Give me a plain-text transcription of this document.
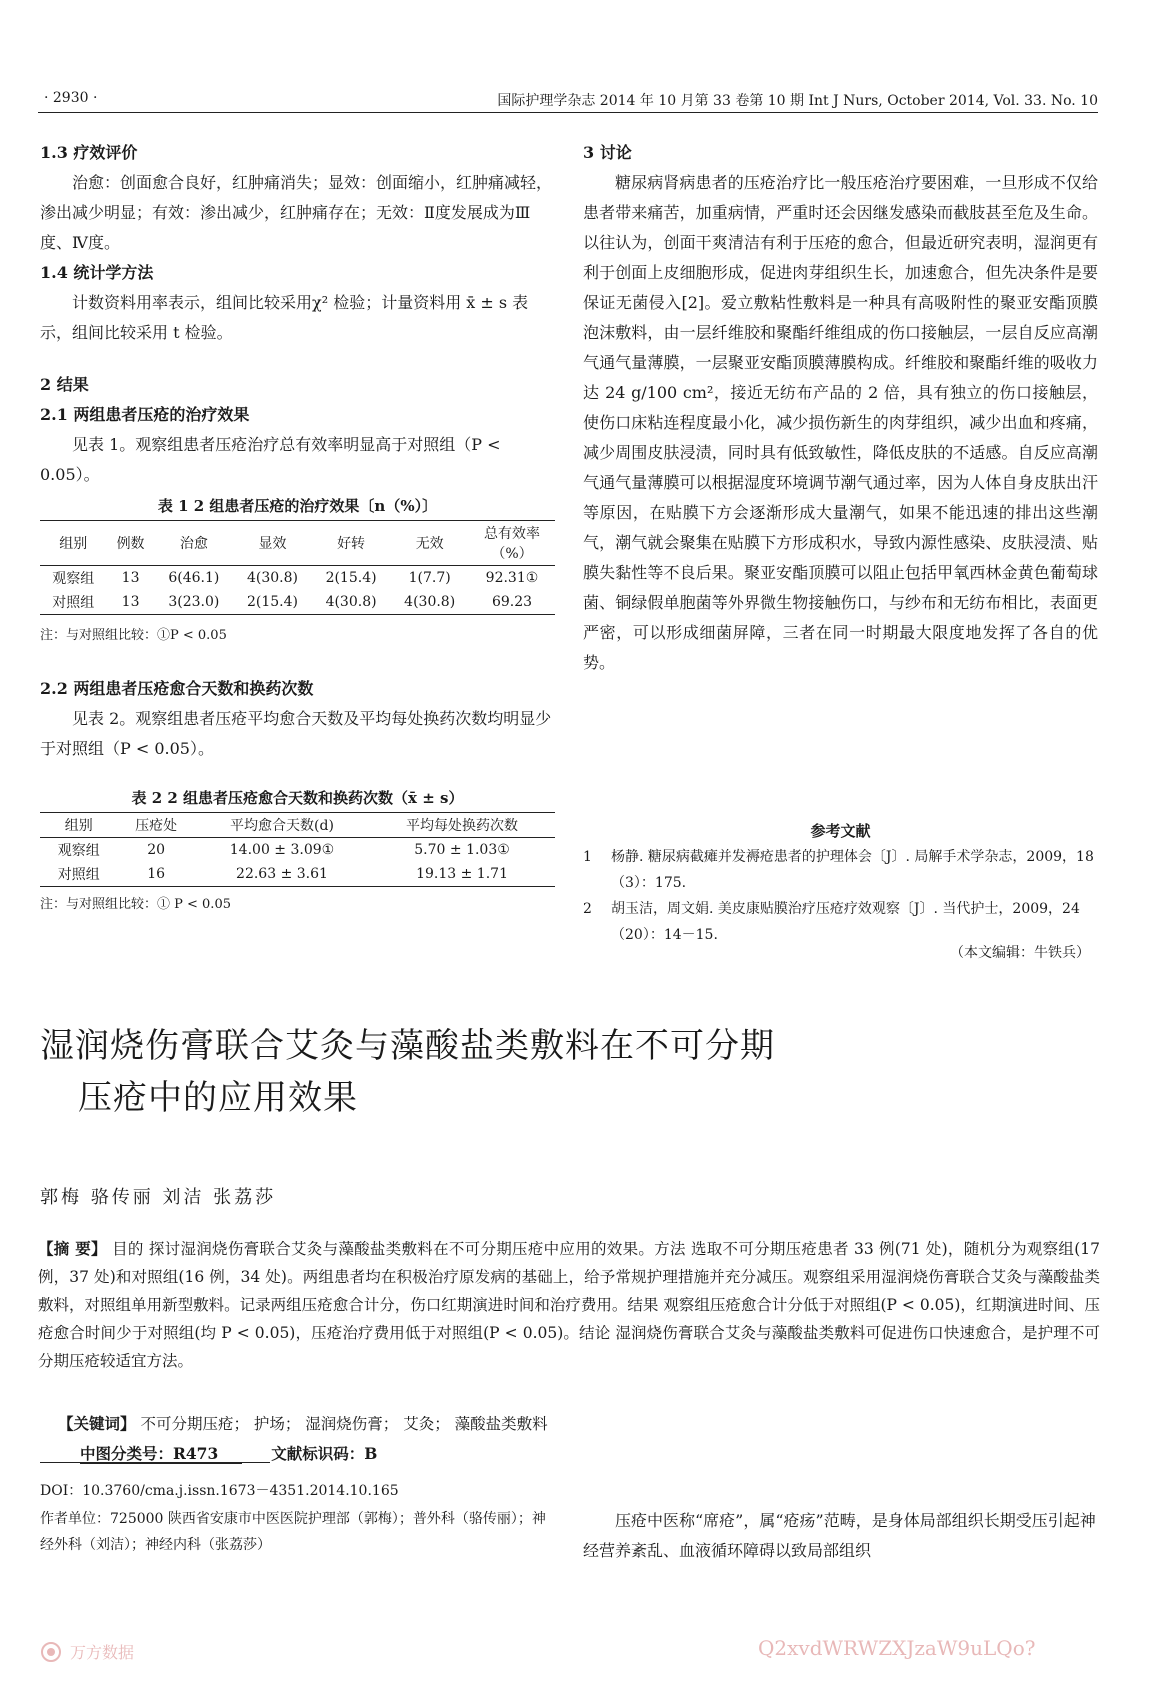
· 2930 ·	国际护理学杂志 2014 年 10 月第 33 卷第 10 期 Int J Nurs, October 2014, Vol. 33. No. 10

1.3 疗效评价

治愈：创面愈合良好，红肿痛消失；显效：创面缩小，红肿痛减轻，渗出减少明显；有效：渗出减少，红肿痛存在；无效：Ⅱ度发展成为Ⅲ度、Ⅳ度。

1.4 统计学方法

计数资料用率表示，组间比较采用χ² 检验；计量资料用 x̄ ± s 表示，组间比较采用 t 检验。

2 结果

2.1 两组患者压疮的治疗效果

见表 1。观察组患者压疮治疗总有效率明显高于对照组（P < 0.05）。

表 1 2 组患者压疮的治疗效果〔n（%）〕
组别	例数	治愈	显效	好转	无效	总有效率（%）
观察组	13	6(46.1)	4(30.8)	2(15.4)	1(7.7)	92.31①
对照组	13	3(23.0)	2(15.4)	4(30.8)	4(30.8)	69.23
注：与对照组比较：①P < 0.05

2.2 两组患者压疮愈合天数和换药次数

见表 2。观察组患者压疮平均愈合天数及平均每处换药次数均明显少于对照组（P < 0.05）。

表 2 2 组患者压疮愈合天数和换药次数（x̄ ± s）
组别	压疮处	平均愈合天数(d)	平均每处换药次数
观察组	20	14.00 ± 3.09①	5.70 ± 1.03①
对照组	16	22.63 ± 3.61	19.13 ± 1.71
注：与对照组比较：① P < 0.05

3 讨论

糖尿病肾病患者的压疮治疗比一般压疮治疗要困难，一旦形成不仅给患者带来痛苦，加重病情，严重时还会因继发感染而截肢甚至危及生命。以往认为，创面干爽清洁有利于压疮的愈合，但最近研究表明，湿润更有利于创面上皮细胞形成，促进肉芽组织生长，加速愈合，但先决条件是要保证无菌侵入[2]。爱立敷粘性敷料是一种具有高吸附性的聚亚安酯顶膜泡沫敷料，由一层纤维胶和聚酯纤维组成的伤口接触层，一层自反应高潮气通气量薄膜，一层聚亚安酯顶膜薄膜构成。纤维胶和聚酯纤维的吸收力达 24 g/100 cm²，接近无纺布产品的 2 倍，具有独立的伤口接触层，使伤口床粘连程度最小化，减少损伤新生的肉芽组织，减少出血和疼痛，减少周围皮肤浸渍，同时具有低致敏性，降低皮肤的不适感。自反应高潮气通气量薄膜可以根据湿度环境调节潮气通过率，因为人体自身皮肤出汗等原因，在贴膜下方会逐渐形成大量潮气，如果不能迅速的排出这些潮气，潮气就会聚集在贴膜下方形成积水，导致内源性感染、皮肤浸渍、贴膜失黏性等不良后果。聚亚安酯顶膜可以阻止包括甲氧西林金黄色葡萄球菌、铜绿假单胞菌等外界微生物接触伤口，与纱布和无纺布相比，表面更严密，可以形成细菌屏障，三者在同一时期最大限度地发挥了各自的优势。

参考文献
1	杨静. 糖尿病截瘫并发褥疮患者的护理体会〔J〕. 局解手术学杂志，2009，18（3）：175.
2	胡玉洁，周文娟. 美皮康贴膜治疗压疮疗效观察〔J〕. 当代护士，2009，24（20）：14－15.
（本文编辑：牛铁兵）
湿润烧伤膏联合艾灸与藻酸盐类敷料在不可分期
压疮中的应用效果
郭梅 骆传丽 刘洁 张荔莎
【摘 要】 目的 探讨湿润烧伤膏联合艾灸与藻酸盐类敷料在不可分期压疮中应用的效果。方法 选取不可分期压疮患者 33 例(71 处)，随机分为观察组(17 例，37 处)和对照组(16 例，34 处)。两组患者均在积极治疗原发病的基础上，给予常规护理措施并充分减压。观察组采用湿润烧伤膏联合艾灸与藻酸盐类敷料，对照组单用新型敷料。记录两组压疮愈合计分，伤口红期演进时间和治疗费用。结果 观察组压疮愈合计分低于对照组(P < 0.05)，红期演进时间、压疮愈合时间少于对照组(均 P < 0.05)，压疮治疗费用低于对照组(P < 0.05)。结论 湿润烧伤膏联合艾灸与藻酸盐类敷料可促进伤口快速愈合，是护理不可分期压疮较适宜方法。
【关键词】 不可分期压疮； 护场； 湿润烧伤膏； 艾灸； 藻酸盐类敷料
中图分类号：R473	文献标识码：B
DOI：10.3760/cma.j.issn.1673－4351.2014.10.165
作者单位：725000 陕西省安康市中医医院护理部（郭梅）；普外科（骆传丽）；神经外科（刘洁）；神经内科（张荔莎）
压疮中医称“席疮”，属“疮疡”范畴，是身体局部组织长期受压引起神经营养紊乱、血液循环障碍以致局部组织
万方数据	Q2xvdWRWZXJzaW9uLQo?
